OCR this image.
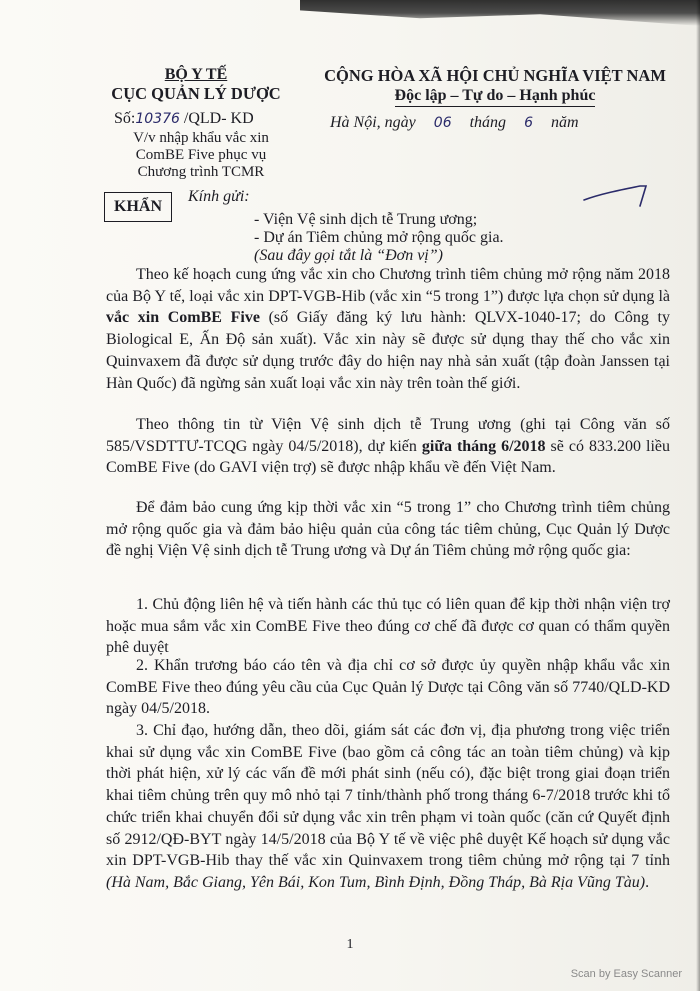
BỘ Y TẾ
CỤC QUẢN LÝ DƯỢC
CỘNG HÒA XÃ HỘI CHỦ NGHĨA VIỆT NAM
Độc lập – Tự do – Hạnh phúc
Số:10376 /QLD- KD
V/v nhập khẩu vắc xin
ComBE Five phục vụ
Chương trình TCMR
Hà Nội, ngày 06 tháng 6 năm
KHẨN
Kính gửi:
- Viện Vệ sinh dịch tễ Trung ương;
- Dự án Tiêm chủng mở rộng quốc gia.
(Sau đây gọi tắt là “Đơn vị”)
Theo kế hoạch cung ứng vắc xin cho Chương trình tiêm chủng mở rộng năm 2018 của Bộ Y tế, loại vắc xin DPT-VGB-Hib (vắc xin “5 trong 1”) được lựa chọn sử dụng là vắc xin ComBE Five (số Giấy đăng ký lưu hành: QLVX-1040-17; do Công ty Biological E, Ấn Độ sản xuất). Vắc xin này sẽ được sử dụng thay thế cho vắc xin Quinvaxem đã được sử dụng trước đây do hiện nay nhà sản xuất (tập đoàn Janssen tại Hàn Quốc) đã ngừng sản xuất loại vắc xin này trên toàn thế giới.
Theo thông tin từ Viện Vệ sinh dịch tễ Trung ương (ghi tại Công văn số 585/VSDTTƯ-TCQG ngày 04/5/2018), dự kiến giữa tháng 6/2018 sẽ có 833.200 liều ComBE Five (do GAVI viện trợ) sẽ được nhập khẩu về đến Việt Nam.
Để đảm bảo cung ứng kịp thời vắc xin “5 trong 1” cho Chương trình tiêm chủng mở rộng quốc gia và đảm bảo hiệu quản của công tác tiêm chủng, Cục Quản lý Dược đề nghị Viện Vệ sinh dịch tễ Trung ương và Dự án Tiêm chủng mở rộng quốc gia:
1. Chủ động liên hệ và tiến hành các thủ tục có liên quan để kịp thời nhận viện trợ hoặc mua sắm vắc xin ComBE Five theo đúng cơ chế đã được cơ quan có thẩm quyền phê duyệt
2. Khẩn trương báo cáo tên và địa chỉ cơ sở được ủy quyền nhập khẩu vắc xin ComBE Five theo đúng yêu cầu của Cục Quản lý Dược tại Công văn số 7740/QLD-KD ngày 04/5/2018.
3. Chỉ đạo, hướng dẫn, theo dõi, giám sát các đơn vị, địa phương trong việc triển khai sử dụng vắc xin ComBE Five (bao gồm cả công tác an toàn tiêm chủng) và kịp thời phát hiện, xử lý các vấn đề mới phát sinh (nếu có), đặc biệt trong giai đoạn triển khai tiêm chủng trên quy mô nhỏ tại 7 tỉnh/thành phố trong tháng 6-7/2018 trước khi tổ chức triển khai chuyển đổi sử dụng vắc xin trên phạm vi toàn quốc (căn cứ Quyết định số 2912/QĐ-BYT ngày 14/5/2018 của Bộ Y tế về việc phê duyệt Kế hoạch sử dụng vắc xin DPT-VGB-Hib thay thế vắc xin Quinvaxem trong tiêm chủng mở rộng tại 7 tỉnh (Hà Nam, Bắc Giang, Yên Bái, Kon Tum, Bình Định, Đồng Tháp, Bà Rịa Vũng Tàu).
1
Scan by Easy Scanner
